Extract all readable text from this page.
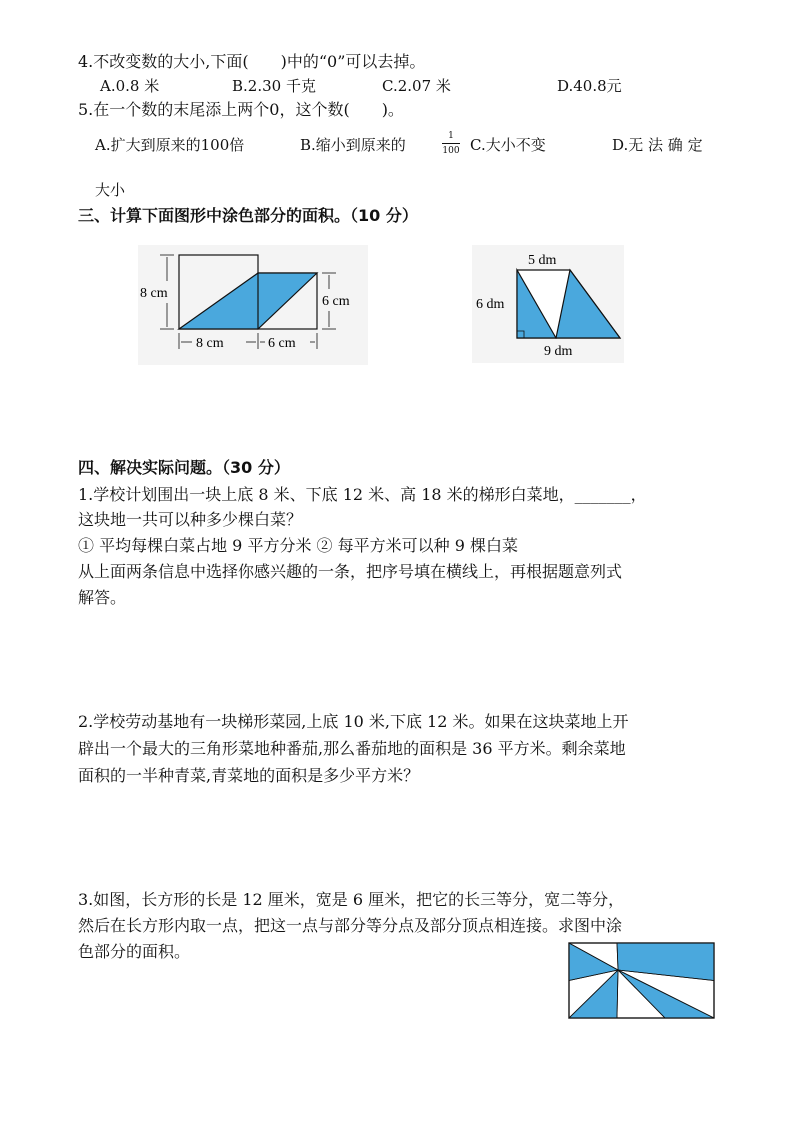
4.不改变数的大小,下面(　　)中的“0”可以去掉。
A.0.8 米	B.2.30 千克	C.2.07 米	D.40.8元
5.在一个数的末尾添上两个0，这个数(　　)。
A.扩大到原来的100倍	B.缩小到原来的	1
100 C.大小不变	D.无 法 确 定
大小
三、计算下面图形中涂色部分的面积。（10 分）
8 cm
6 cm
8 cm	6 cm
5 dm
6 dm
9 dm
四、解决实际问题。（30 分）
1.学校计划围出一块上底 8 米、下底 12 米、高 18 米的梯形白菜地，_______，
这块地一共可以种多少棵白菜？
① 平均每棵白菜占地 9 平方分米 ② 每平方米可以种 9 棵白菜
从上面两条信息中选择你感兴趣的一条，把序号填在横线上，再根据题意列式
解答。
2.学校劳动基地有一块梯形菜园,上底 10 米,下底 12 米。如果在这块菜地上开
辟出一个最大的三角形菜地种番茄,那么番茄地的面积是 36 平方米。剩余菜地
面积的一半种青菜,青菜地的面积是多少平方米？
3.如图，长方形的长是 12 厘米，宽是 6 厘米，把它的长三等分，宽二等分，
然后在长方形内取一点，把这一点与部分等分点及部分顶点相连接。求图中涂
色部分的面积。
